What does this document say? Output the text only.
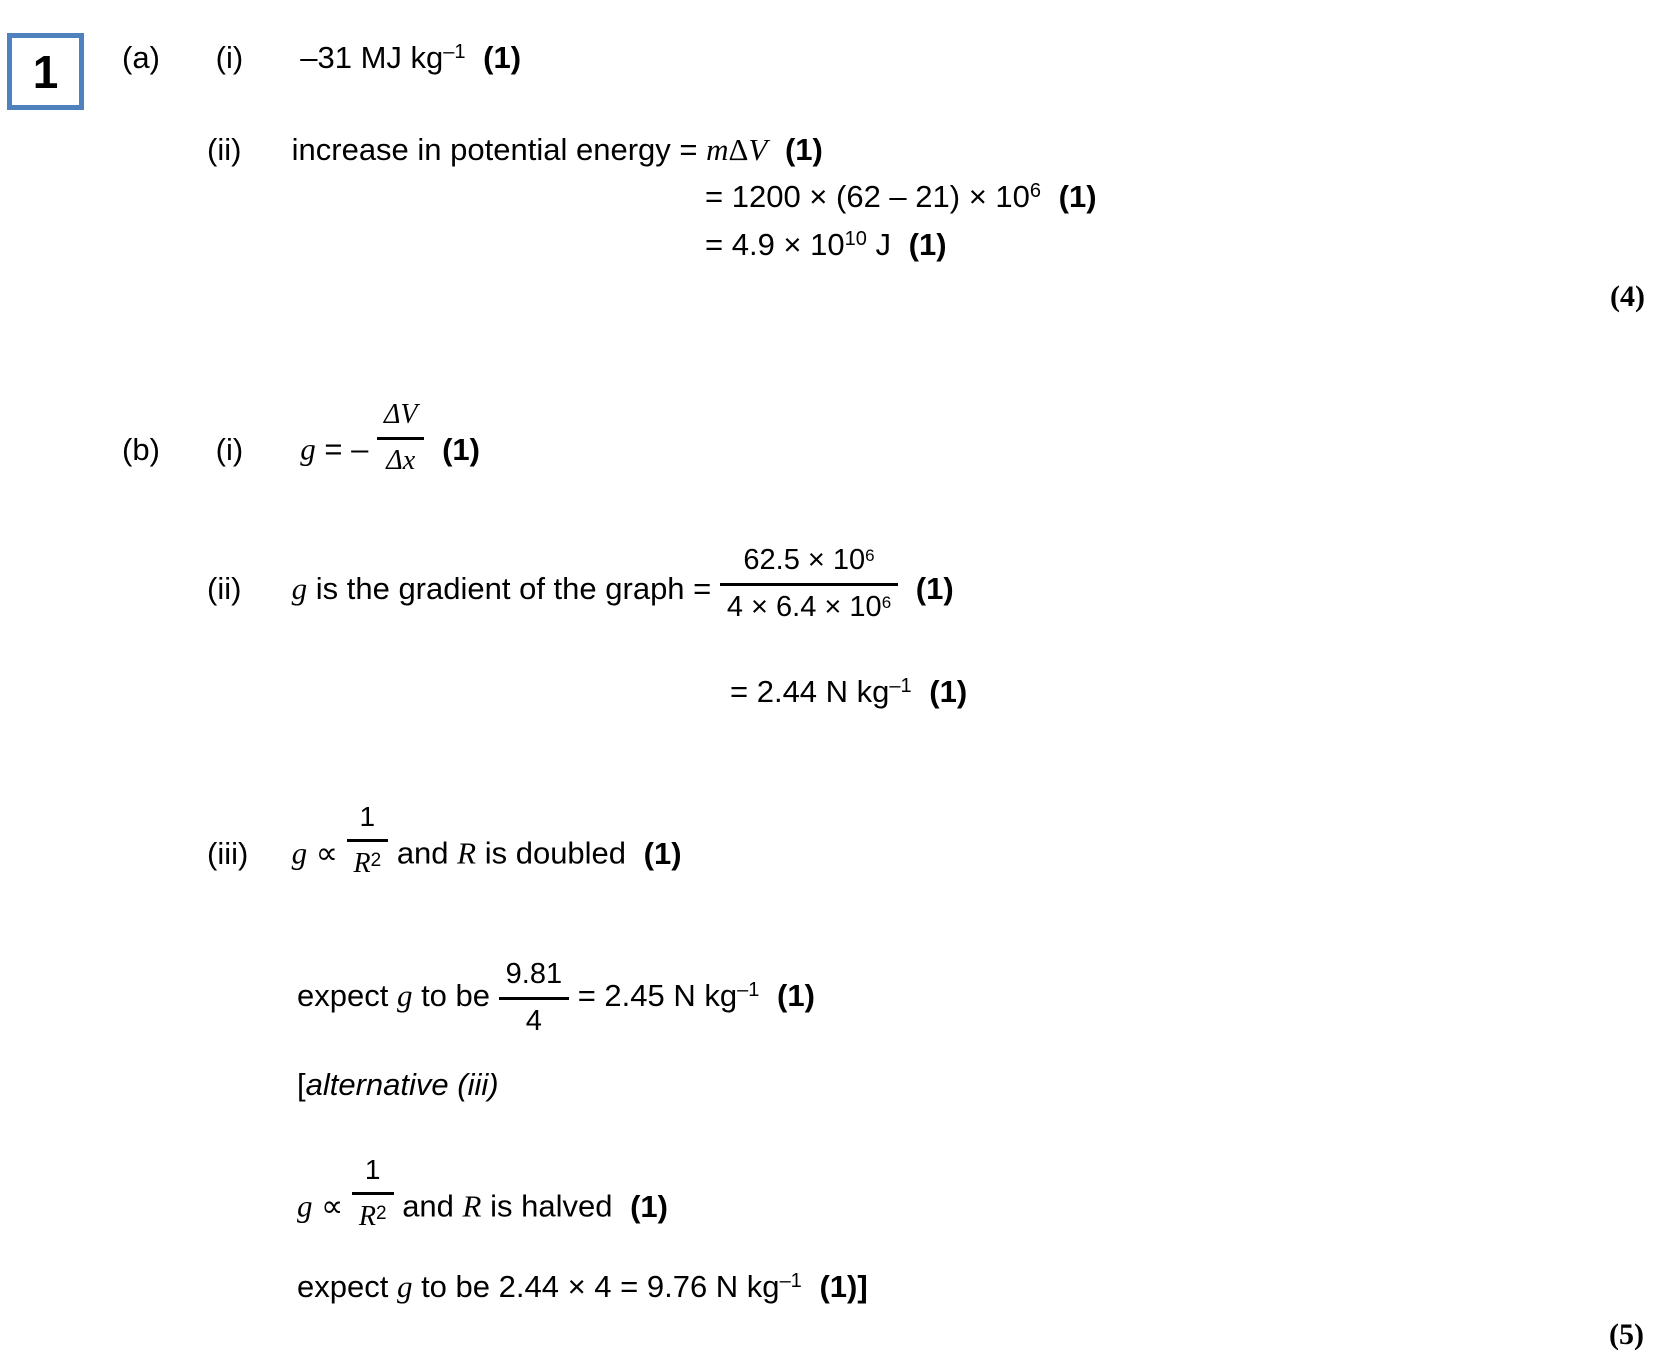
1 (a) (i) –31 MJ $kg^{-1}$ (1)
(ii) increase in potential energy = mΔV (1)
= $1200 \times (62 - 21) \times 10^6$ (1)
= $4.9 \times 10^{10}$ J (1)
(4)
(b) (i) g = – $\frac{\Delta V}{\Delta x} (1)$
(ii) g is the gradient of the graph = $\frac{62.5 \times 10^6}{4 \times 6.4 \times 10^6} (1)$
= 2.44 N $kg^{-1}$ (1)
(iii) $g \propto \frac{1}{R^2}$ and R is doubled (1)
expect g to be $\frac{9.81}{4} = 2.45$ N $kg^{-1}$ (1)
[alternative (iii)
$g \propto \frac{1}{R^2}$ and R is halved (1)
expect g to be 2.44 × 4 = 9.76 N $kg^{-1}$ (1)]
(5)
